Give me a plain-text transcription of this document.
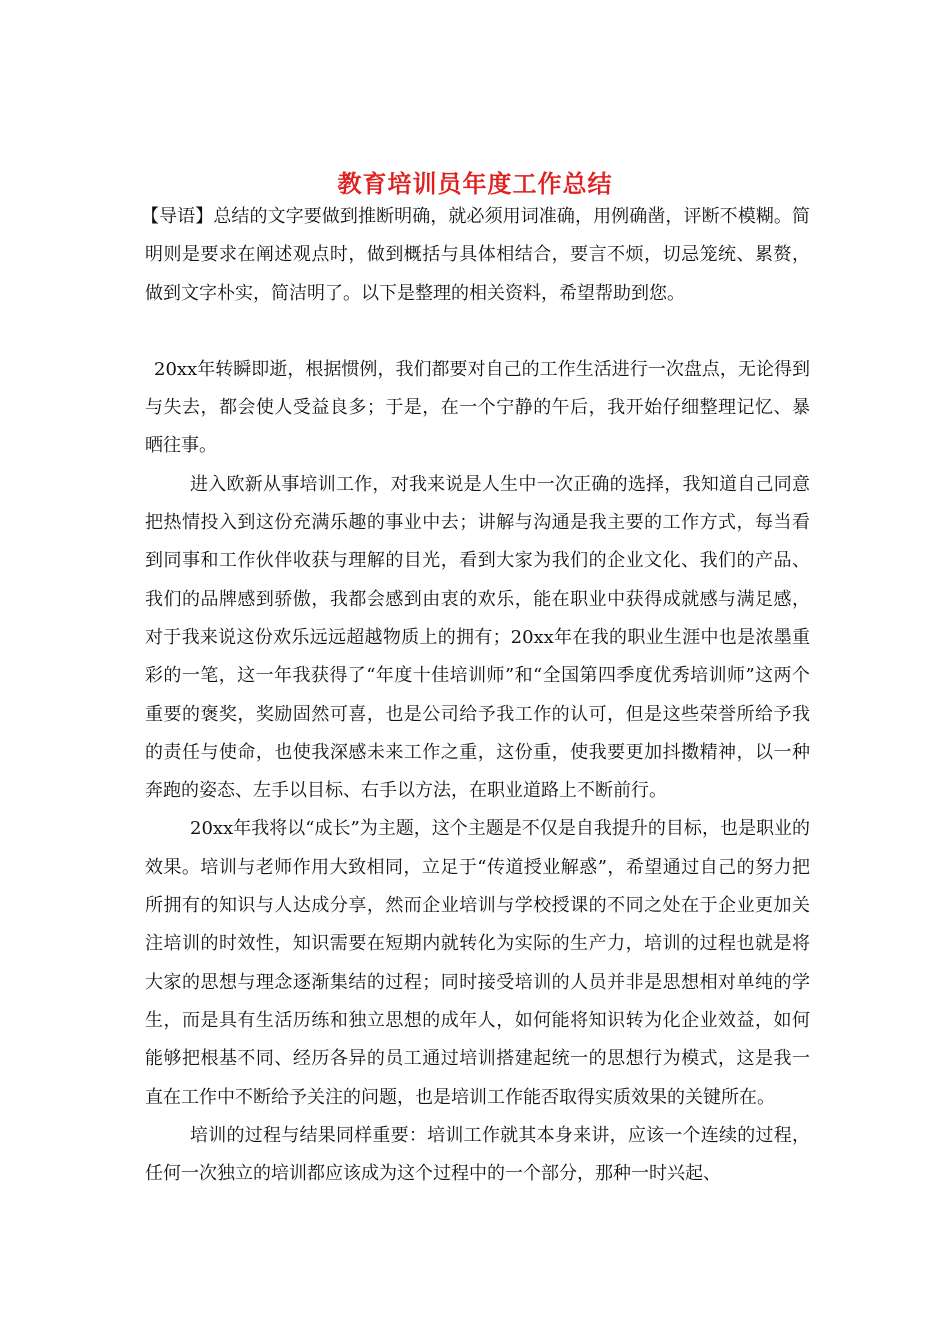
教育培训员年度工作总结

【导语】总结的文字要做到推断明确，就必须用词准确，用例确凿，评断不模糊。简明则是要求在阐述观点时，做到概括与具体相结合，要言不烦，切忌笼统、累赘，做到文字朴实，简洁明了。以下是整理的相关资料，希望帮助到您。

20xx年转瞬即逝，根据惯例，我们都要对自己的工作生活进行一次盘点，无论得到与失去，都会使人受益良多；于是，在一个宁静的午后，我开始仔细整理记忆、暴晒往事。

进入欧新从事培训工作，对我来说是人生中一次正确的选择，我知道自己同意把热情投入到这份充满乐趣的事业中去；讲解与沟通是我主要的工作方式，每当看到同事和工作伙伴收获与理解的目光，看到大家为我们的企业文化、我们的产品、我们的品牌感到骄傲，我都会感到由衷的欢乐，能在职业中获得成就感与满足感，对于我来说这份欢乐远远超越物质上的拥有；20xx年在我的职业生涯中也是浓墨重彩的一笔，这一年我获得了“年度十佳培训师”和“全国第四季度优秀培训师”这两个重要的褒奖，奖励固然可喜，也是公司给予我工作的认可，但是这些荣誉所给予我的责任与使命，也使我深感未来工作之重，这份重，使我要更加抖擞精神，以一种奔跑的姿态、左手以目标、右手以方法，在职业道路上不断前行。

20xx年我将以“成长”为主题，这个主题是不仅是自我提升的目标，也是职业的效果。培训与老师作用大致相同，立足于“传道授业解惑”，希望通过自己的努力把所拥有的知识与人达成分享，然而企业培训与学校授课的不同之处在于企业更加关注培训的时效性，知识需要在短期内就转化为实际的生产力，培训的过程也就是将大家的思想与理念逐渐集结的过程；同时接受培训的人员并非是思想相对单纯的学生，而是具有生活历练和独立思想的成年人，如何能将知识转为化企业效益，如何能够把根基不同、经历各异的员工通过培训搭建起统一的思想行为模式，这是我一直在工作中不断给予关注的问题，也是培训工作能否取得实质效果的关键所在。

培训的过程与结果同样重要：培训工作就其本身来讲，应该一个连续的过程，任何一次独立的培训都应该成为这个过程中的一个部分，那种一时兴起、
